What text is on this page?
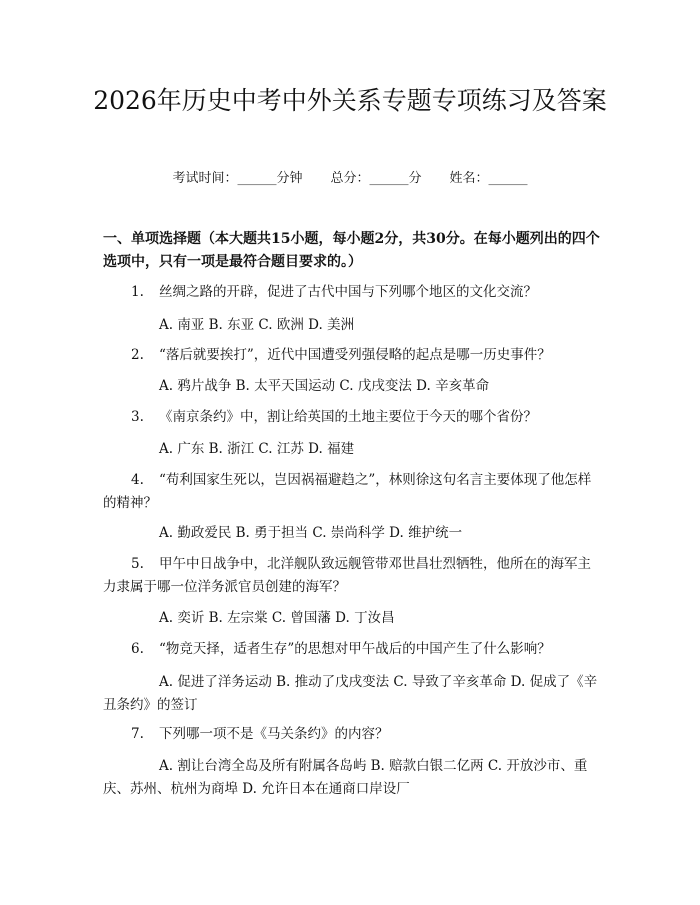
2026年历史中考中外关系专题专项练习及答案
考试时间：______分钟 总分：______分 姓名：______

一、单项选择题（本大题共15小题，每小题2分，共30分。在每小题列出的四个选项中，只有一项是最符合题目要求的。）

1. 丝绸之路的开辟，促进了古代中国与下列哪个地区的文化交流？

A. 南亚 B. 东亚 C. 欧洲 D. 美洲

2. “落后就要挨打”，近代中国遭受列强侵略的起点是哪一历史事件？

A. 鸦片战争 B. 太平天国运动 C. 戊戌变法 D. 辛亥革命

3. 《南京条约》中，割让给英国的土地主要位于今天的哪个省份？

A. 广东 B. 浙江 C. 江苏 D. 福建

4. “苟利国家生死以，岂因祸福避趋之”，林则徐这句名言主要体现了他怎样的精神？

A. 勤政爱民 B. 勇于担当 C. 崇尚科学 D. 维护统一

5. 甲午中日战争中，北洋舰队致远舰管带邓世昌壮烈牺牲，他所在的海军主力隶属于哪一位洋务派官员创建的海军？

A. 奕䜣 B. 左宗棠 C. 曾国藩 D. 丁汝昌

6. “物竞天择，适者生存”的思想对甲午战后的中国产生了什么影响？

A. 促进了洋务运动 B. 推动了戊戌变法 C. 导致了辛亥革命 D. 促成了《辛丑条约》的签订

7. 下列哪一项不是《马关条约》的内容？

A. 割让台湾全岛及所有附属各岛屿 B. 赔款白银二亿两 C. 开放沙市、重庆、苏州、杭州为商埠 D. 允许日本在通商口岸设厂
